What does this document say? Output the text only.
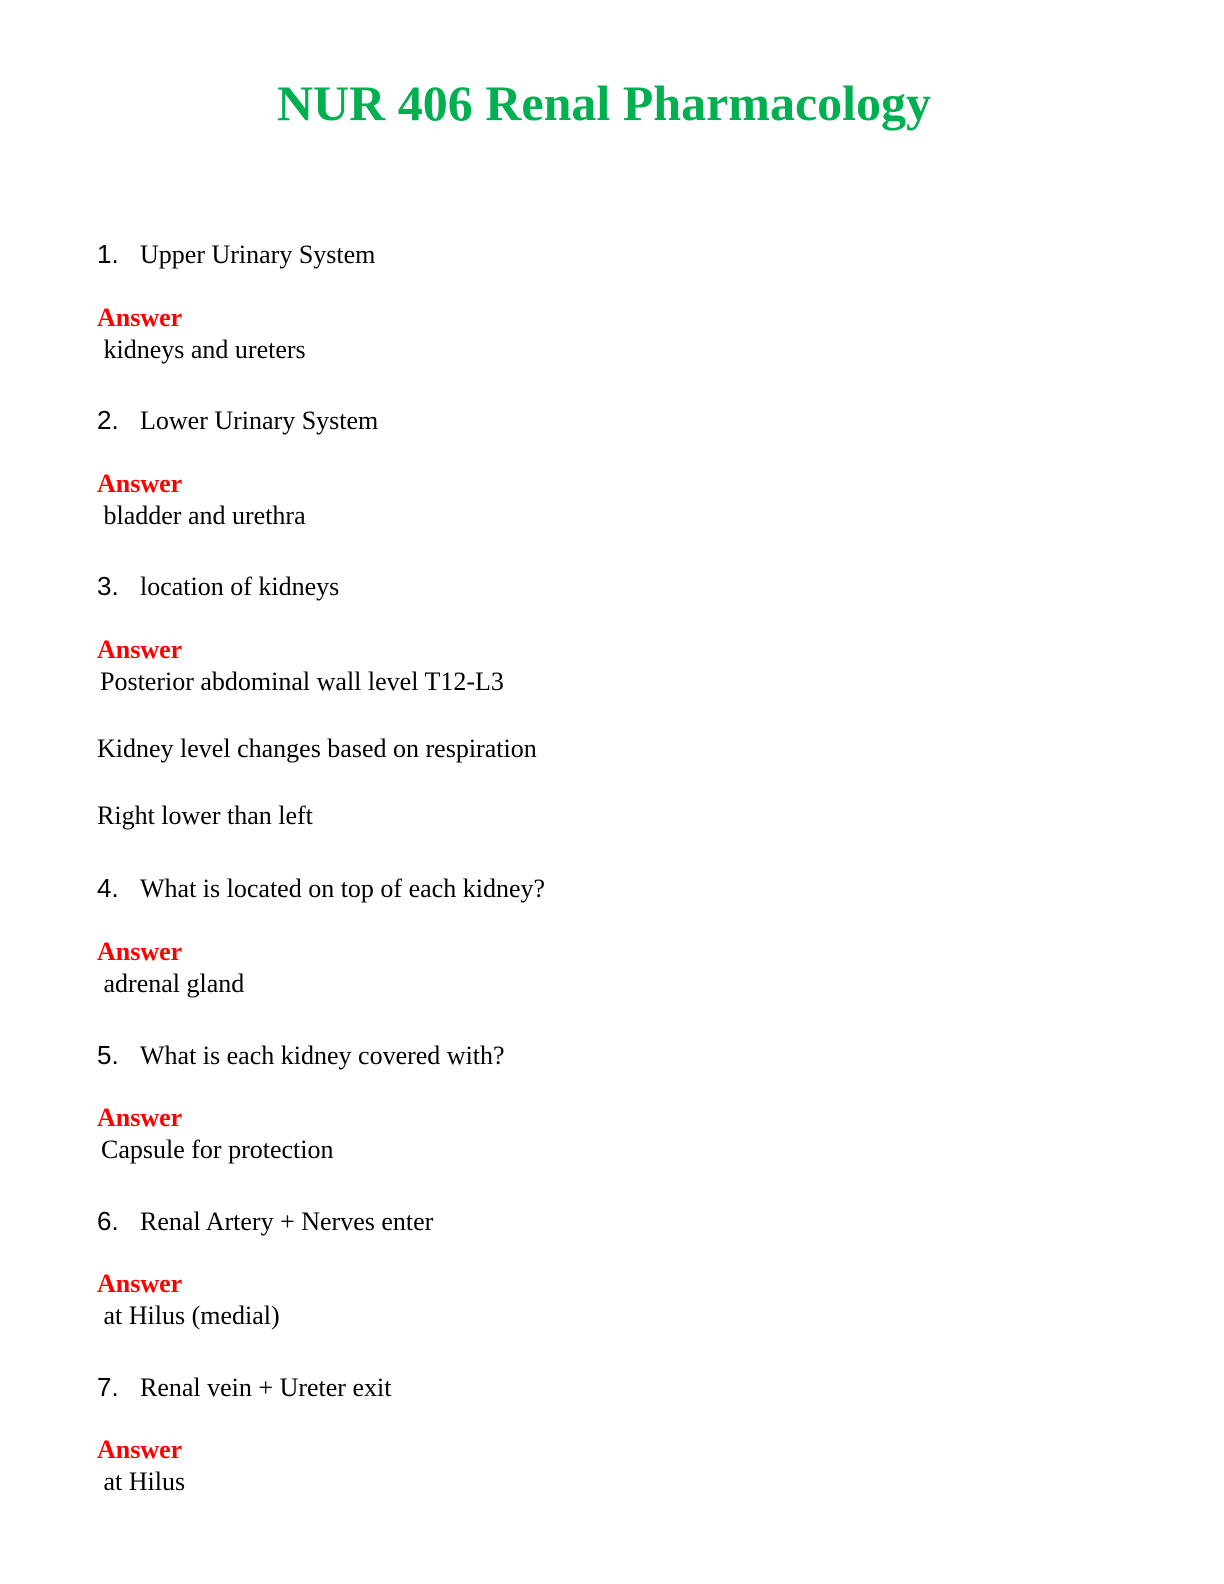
NUR 406 Renal Pharmacology

1. Upper Urinary System

Answer

kidneys and ureters

2. Lower Urinary System

Answer

bladder and urethra

3. location of kidneys

Answer

Posterior abdominal wall level T12-L3

Kidney level changes based on respiration

Right lower than left

4. What is located on top of each kidney?

Answer

adrenal gland

5. What is each kidney covered with?

Answer

Capsule for protection

6. Renal Artery + Nerves enter

Answer

at Hilus (medial)

7. Renal vein + Ureter exit

Answer

at Hilus
